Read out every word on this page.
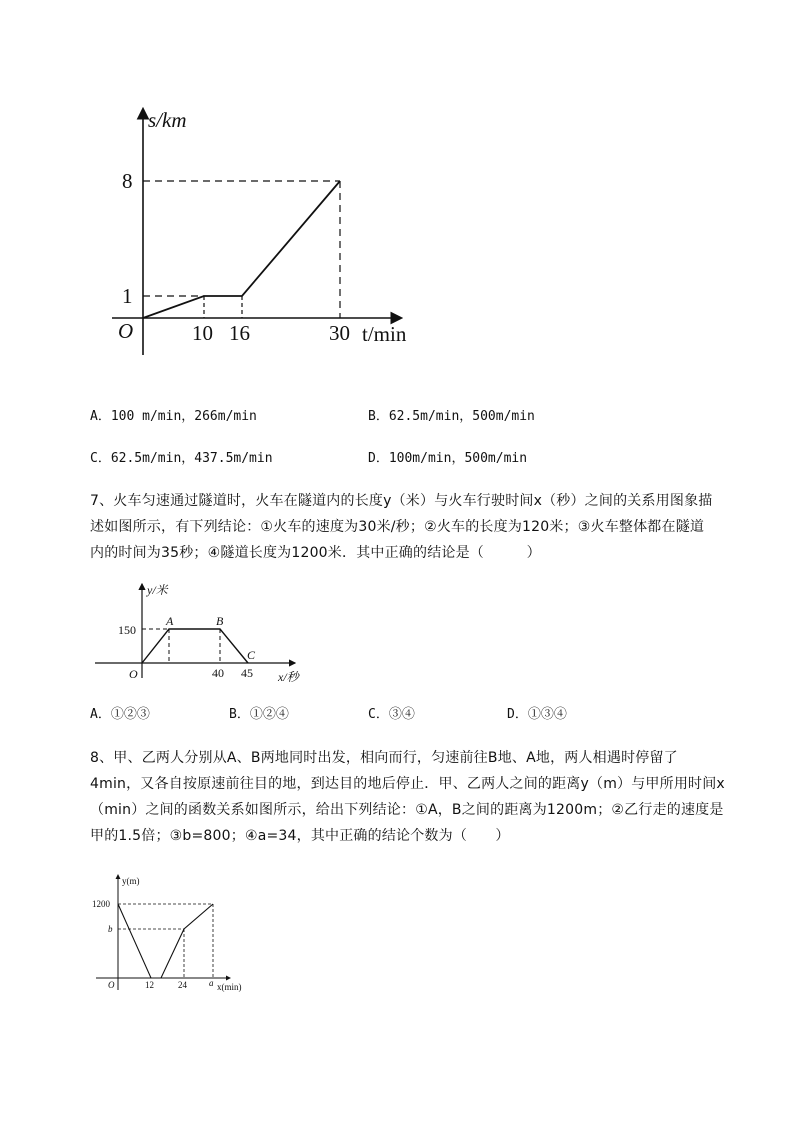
s/km
t/min
O
1
8
10 16	30
A．100 m/min，266m/min	B．62.5m/min，500m/min
C．62.5m/min，437.5m/min	D．100m/min，500m/min
7、火车匀速通过隧道时，火车在隧道内的长度y（米）与火车行驶时间x（秒）之间的关系用图象描
述如图所示，有下列结论：①火车的速度为30米/秒；②火车的长度为120米；③火车整体都在隧道
内的时间为35秒；④隧道长度为1200米．其中正确的结论是（　　　）
y/米
x/秒
O
150
40 45
A	B
C
A．①②③	B．①②④	C．③④	D．①③④
8、甲、乙两人分别从A、B两地同时出发，相向而行，匀速前往B地、A地，两人相遇时停留了
4min，又各自按原速前往目的地，到达目的地后停止．甲、乙两人之间的距离y（m）与甲所用时间x
（min）之间的函数关系如图所示，给出下列结论：①A，B之间的距离为1200m；②乙行走的速度是
甲的1.5倍；③b=800；④a=34，其中正确的结论个数为（　　）
y(m)
x(min)
O
1200
b
12	24 a
